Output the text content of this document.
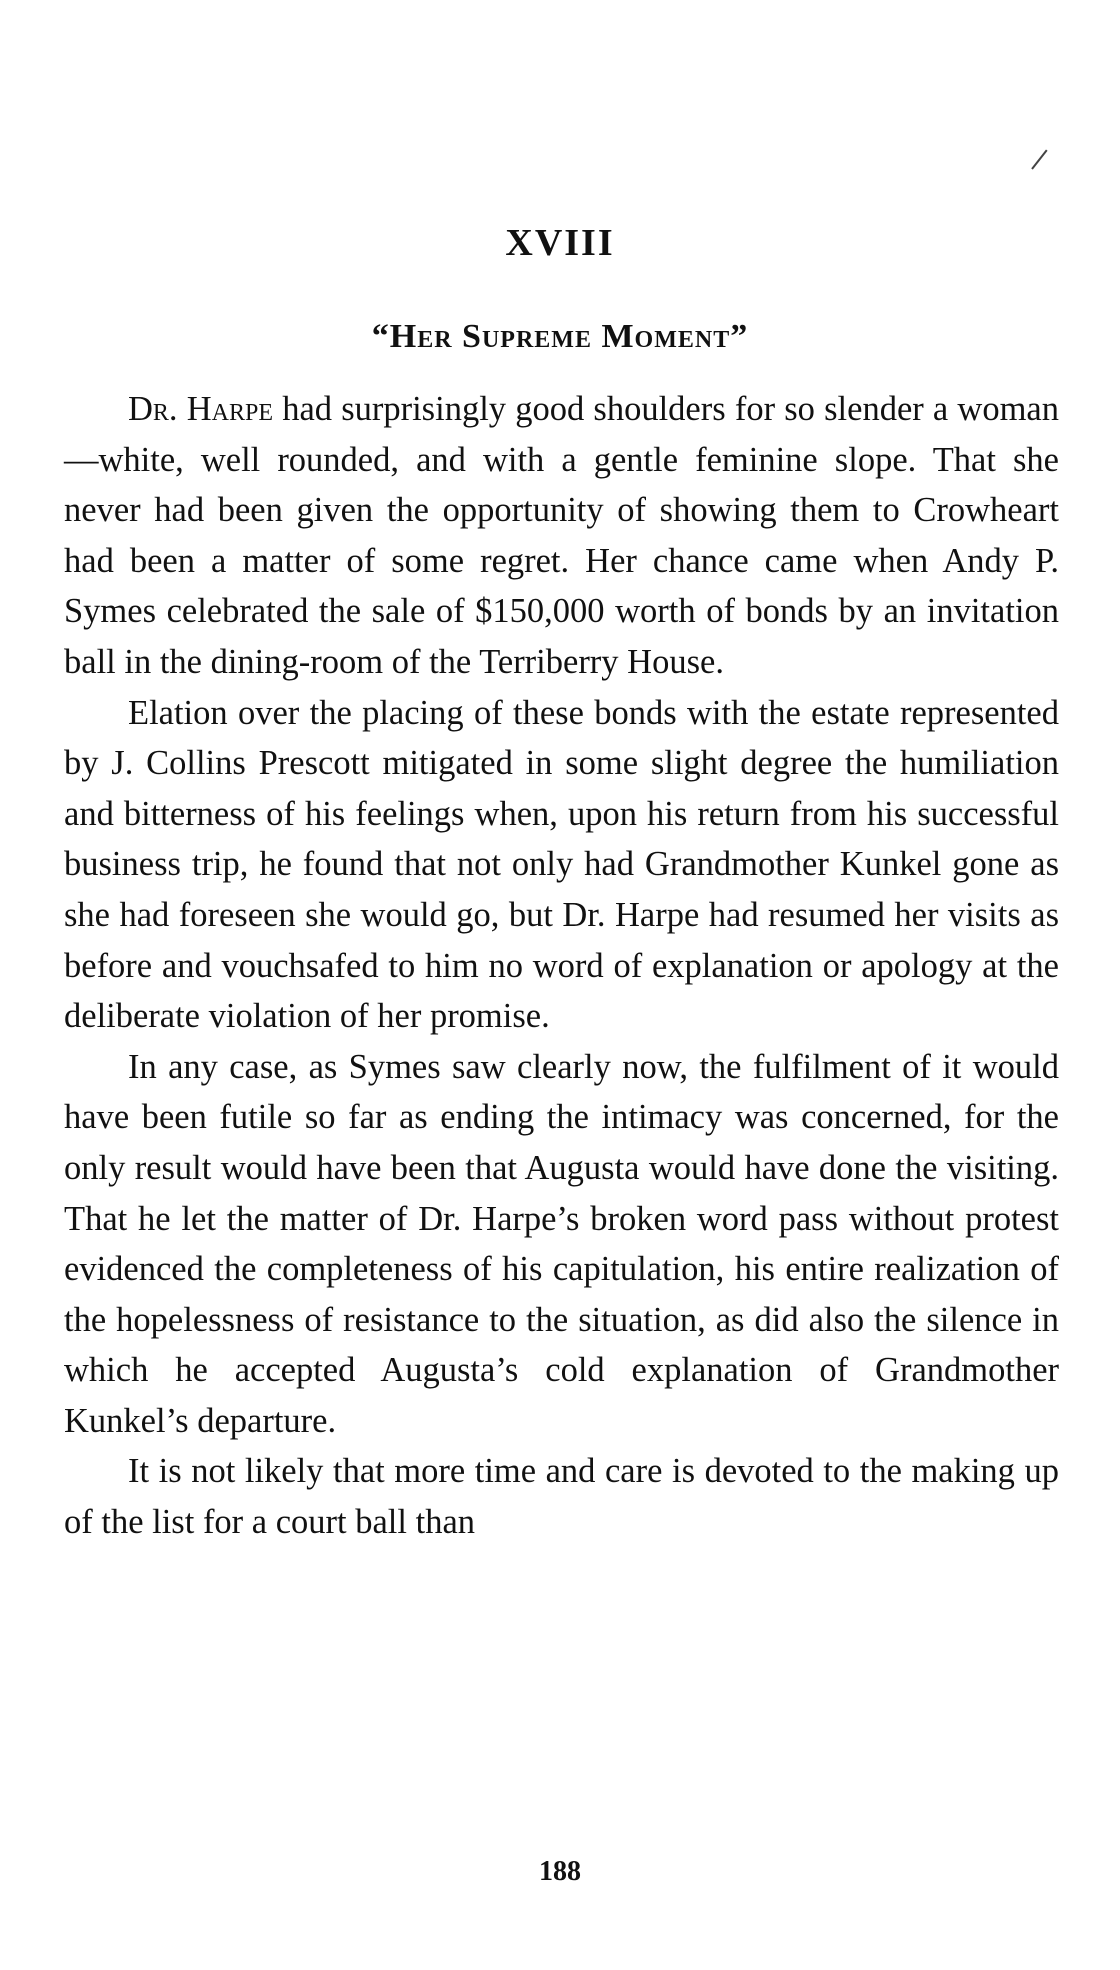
XVIII
“Her Supreme Moment”

Dr. Harpe had surprisingly good shoulders for so slender a woman—white, well rounded, and with a gentle feminine slope. That she never had been given the opportunity of showing them to Crowheart had been a matter of some regret. Her chance came when Andy P. Symes celebrated the sale of $150,000 worth of bonds by an invitation ball in the dining-room of the Terriberry House.

Elation over the placing of these bonds with the estate represented by J. Collins Prescott mitigated in some slight degree the humiliation and bitterness of his feelings when, upon his return from his successful business trip, he found that not only had Grandmother Kunkel gone as she had foreseen she would go, but Dr. Harpe had resumed her visits as before and vouchsafed to him no word of explanation or apology at the deliberate violation of her promise.

In any case, as Symes saw clearly now, the fulfilment of it would have been futile so far as ending the intimacy was concerned, for the only result would have been that Augusta would have done the visiting. That he let the matter of Dr. Harpe’s broken word pass without protest evidenced the completeness of his capitulation, his entire realization of the hopelessness of resistance to the situation, as did also the silence in which he accepted Augusta’s cold explanation of Grandmother Kunkel’s departure.

It is not likely that more time and care is devoted to the making up of the list for a court ball than

188
